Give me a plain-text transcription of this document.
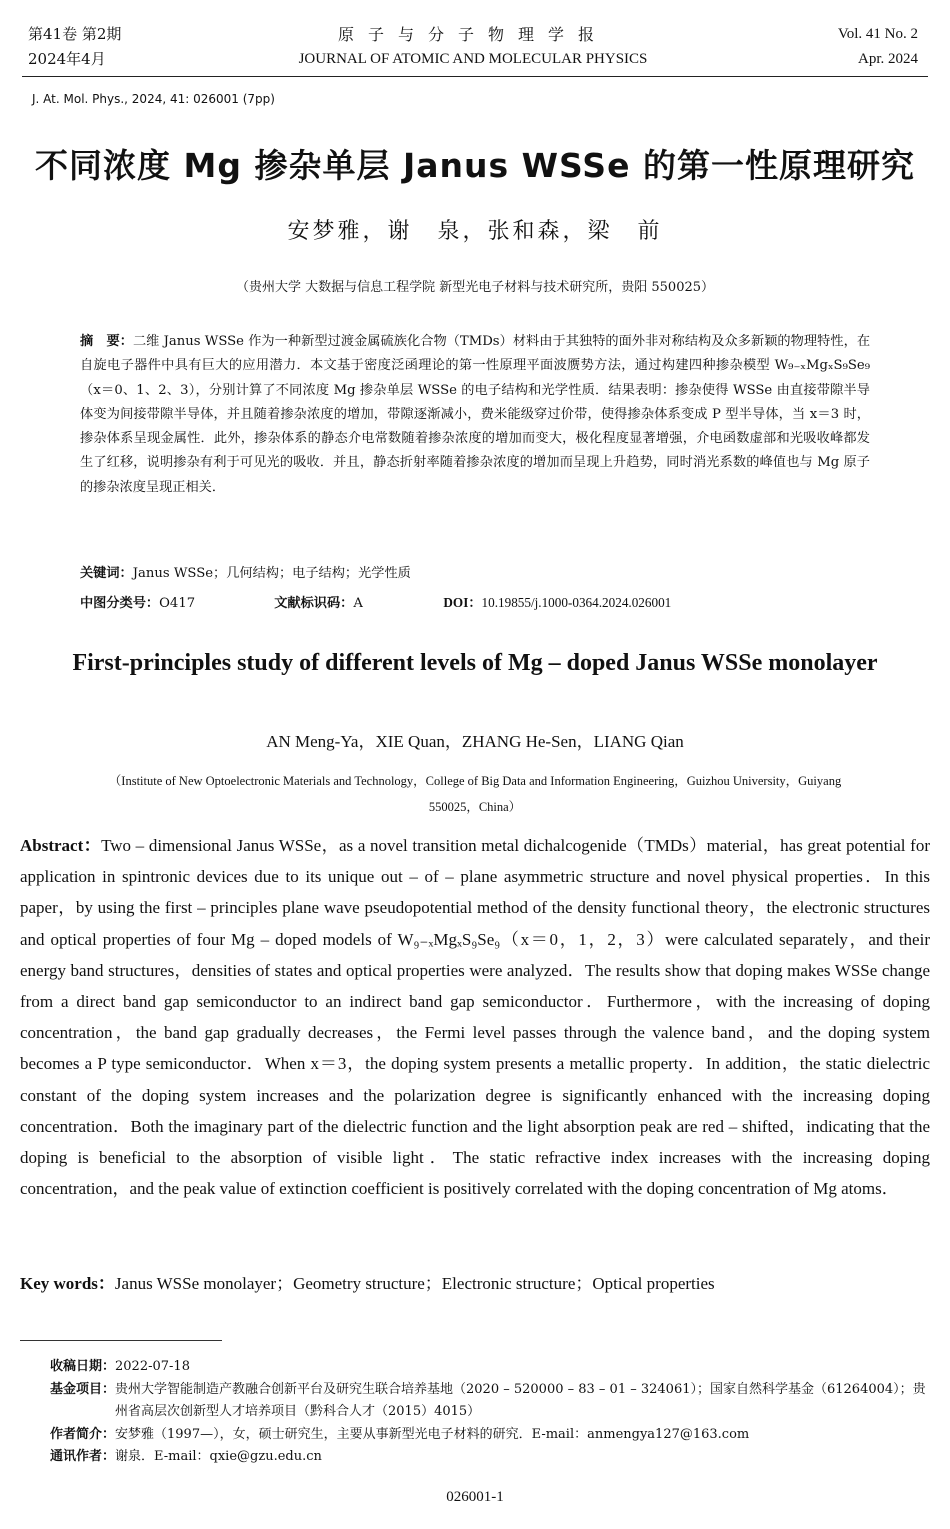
第41卷 第2期
2024年4月
原子与分子物理学报
JOURNAL OF ATOMIC AND MOLECULAR PHYSICS
Vol. 41 No. 2
Apr. 2024
J. At. Mol. Phys., 2024, 41: 026001 (7pp)
不同浓度 Mg 掺杂单层 Janus WSSe 的第一性原理研究
安梦雅，谢　泉，张和森，梁　前
（贵州大学 大数据与信息工程学院 新型光电子材料与技术研究所，贵阳 550025）
摘　要：二维 Janus WSSe 作为一种新型过渡金属硫族化合物（TMDs）材料由于其独特的面外非对称结构及众多新颖的物理特性，在自旋电子器件中具有巨大的应用潜力．本文基于密度泛函理论的第一性原理平面波赝势方法，通过构建四种掺杂模型 W₉₋ₓMgₓS₉Se₉（x＝0、1、2、3），分别计算了不同浓度 Mg 掺杂单层 WSSe 的电子结构和光学性质．结果表明：掺杂使得 WSSe 由直接带隙半导体变为间接带隙半导体，并且随着掺杂浓度的增加，带隙逐渐减小，费米能级穿过价带，使得掺杂体系变成 P 型半导体，当 x＝3 时，掺杂体系呈现金属性．此外，掺杂体系的静态介电常数随着掺杂浓度的增加而变大，极化程度显著增强，介电函数虚部和光吸收峰都发生了红移，说明掺杂有利于可见光的吸收．并且，静态折射率随着掺杂浓度的增加而呈现上升趋势，同时消光系数的峰值也与 Mg 原子的掺杂浓度呈现正相关．
关键词：Janus WSSe；几何结构；电子结构；光学性质
中图分类号：O417	文献标识码：A	DOI：10.19855/j.1000-0364.2024.026001
First-principles study of different levels of Mg – doped Janus WSSe monolayer
AN Meng-Ya，XIE Quan，ZHANG He-Sen，LIANG Qian
（Institute of New Optoelectronic Materials and Technology，College of Big Data and Information Engineering，Guizhou University，Guiyang 550025，China）
Abstract：Two – dimensional Janus WSSe，as a novel transition metal dichalcogenide（TMDs）material，has great potential for application in spintronic devices due to its unique out – of – plane asymmetric structure and novel physical properties．In this paper，by using the first – principles plane wave pseudopotential method of the density functional theory，the electronic structures and optical properties of four Mg – doped models of W₉₋ₓMgₓS₉Se₉（x＝0，1，2，3）were calculated separately，and their energy band structures，densities of states and optical properties were analyzed．The results show that doping makes WSSe change from a direct band gap semiconductor to an indirect band gap semiconductor．Furthermore，with the increasing of doping concentration，the band gap gradually decreases，the Fermi level passes through the valence band，and the doping system becomes a P type semiconductor．When x＝3，the doping system presents a metallic property．In addition，the static dielectric constant of the doping system increases and the polarization degree is significantly enhanced with the increasing doping concentration．Both the imaginary part of the dielectric function and the light absorption peak are red – shifted，indicating that the doping is beneficial to the absorption of visible light．The static refractive index increases with the increasing doping concentration，and the peak value of extinction coefficient is positively correlated with the doping concentration of Mg atoms．
Key words：Janus WSSe monolayer；Geometry structure；Electronic structure；Optical properties
收稿日期： 2022-07-18
基金项目： 贵州大学智能制造产教融合创新平台及研究生联合培养基地（2020 – 520000 – 83 – 01 – 324061）；国家自然科学基金（61264004）；贵州省高层次创新型人才培养项目（黔科合人才（2015）4015）
作者简介： 安梦雅（1997—），女，硕士研究生，主要从事新型光电子材料的研究．E-mail：anmengya127@163.com
通讯作者： 谢泉．E-mail：qxie@gzu.edu.cn
026001-1
